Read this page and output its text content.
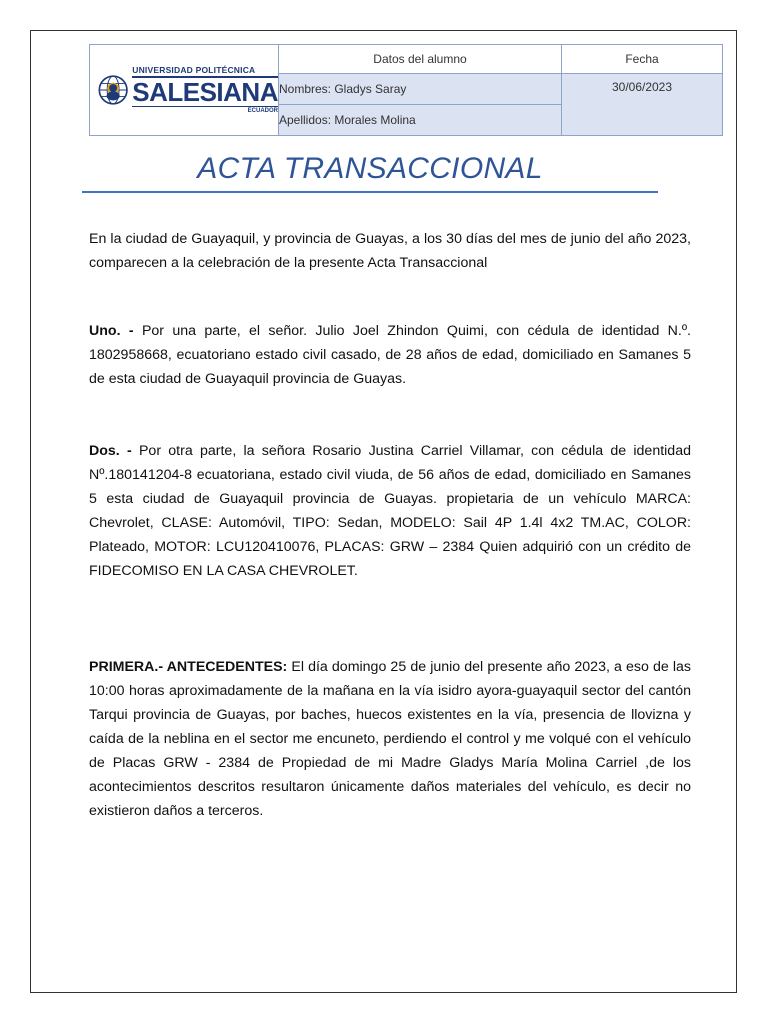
UNIVERSIDAD POLITÉCNICA
SALESIANA
ECUADOR	Datos del alumno	Fecha
	Nombres: Gladys Saray	30/06/2023
	Apellidos: Morales Molina	
ACTA TRANSACCIONAL

En la ciudad de Guayaquil, y provincia de Guayas, a los 30 días del mes de junio del año 2023, comparecen a la celebración de la presente Acta Transaccional

Uno. - Por una parte, el señor. Julio Joel Zhindon Quimi, con cédula de identidad N.º. 1802958668, ecuatoriano estado civil casado, de 28 años de edad, domiciliado en Samanes 5 de esta ciudad de Guayaquil provincia de Guayas.

Dos. - Por otra parte, la señora Rosario Justina Carriel Villamar, con cédula de identidad Nº.180141204-8 ecuatoriana, estado civil viuda, de 56 años de edad, domiciliado en Samanes 5 esta ciudad de Guayaquil provincia de Guayas. propietaria de un vehículo MARCA: Chevrolet, CLASE: Automóvil, TIPO: Sedan, MODELO: Sail 4P 1.4l 4x2 TM.AC, COLOR: Plateado, MOTOR: LCU120410076, PLACAS: GRW – 2384 Quien adquirió con un crédito de FIDECOMISO EN LA CASA CHEVROLET.

PRIMERA.- ANTECEDENTES: El día domingo 25 de junio del presente año 2023, a eso de las 10:00 horas aproximadamente de la mañana en la vía isidro ayora-guayaquil sector del cantón Tarqui provincia de Guayas, por baches, huecos existentes en la vía, presencia de llovizna y caída de la neblina en el sector me encuneto, perdiendo el control y me volqué con el vehículo de Placas GRW - 2384 de Propiedad de mi Madre Gladys María Molina Carriel ,de los acontecimientos descritos resultaron únicamente daños materiales del vehículo, es decir no existieron daños a terceros.
